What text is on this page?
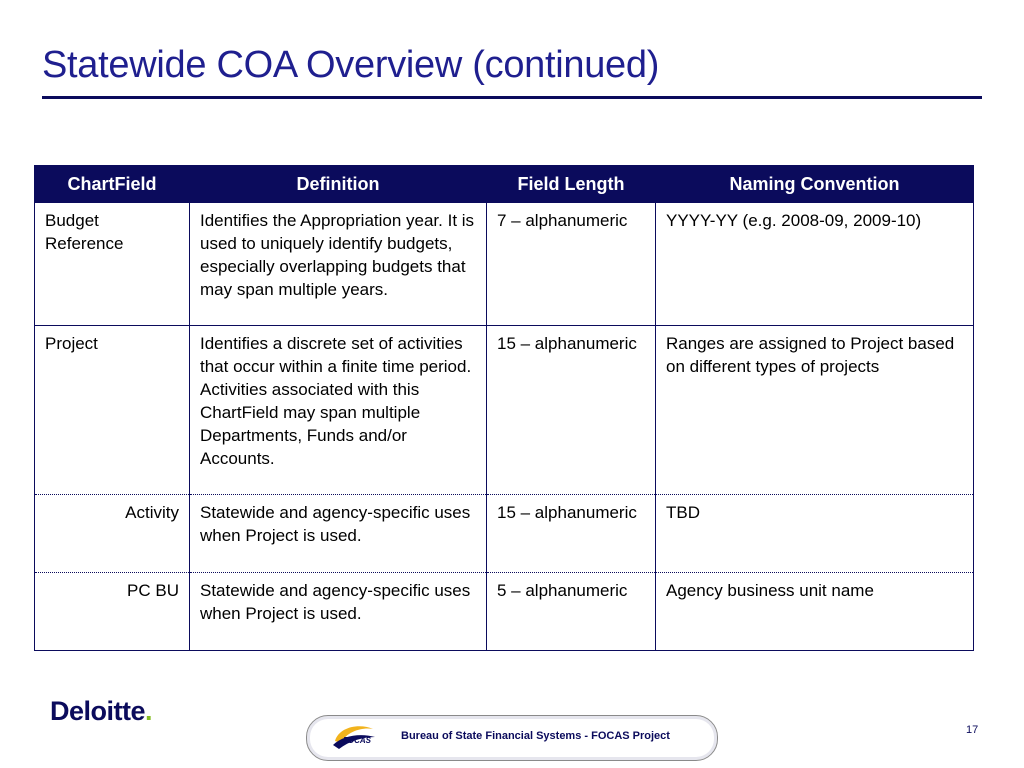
Statewide COA Overview (continued)
ChartField	Definition	Field Length	Naming Convention
Budget Reference	Identifies the Appropriation year. It is used to uniquely identify budgets, especially overlapping budgets that may span multiple years.	7 – alphanumeric	YYYY-YY (e.g. 2008-09, 2009-10)
Project	Identifies a discrete set of activities that occur within a finite time period. Activities associated with this ChartField may span multiple Departments, Funds and/or Accounts.	15 – alphanumeric	Ranges are assigned to Project based on different types of projects
Activity	Statewide and agency-specific uses when Project is used.	15 – alphanumeric	TBD
PC BU	Statewide and agency-specific uses when Project is used.	5 – alphanumeric	Agency business unit name
Deloitte.
FOCAS	Bureau of State Financial Systems - FOCAS Project	17
